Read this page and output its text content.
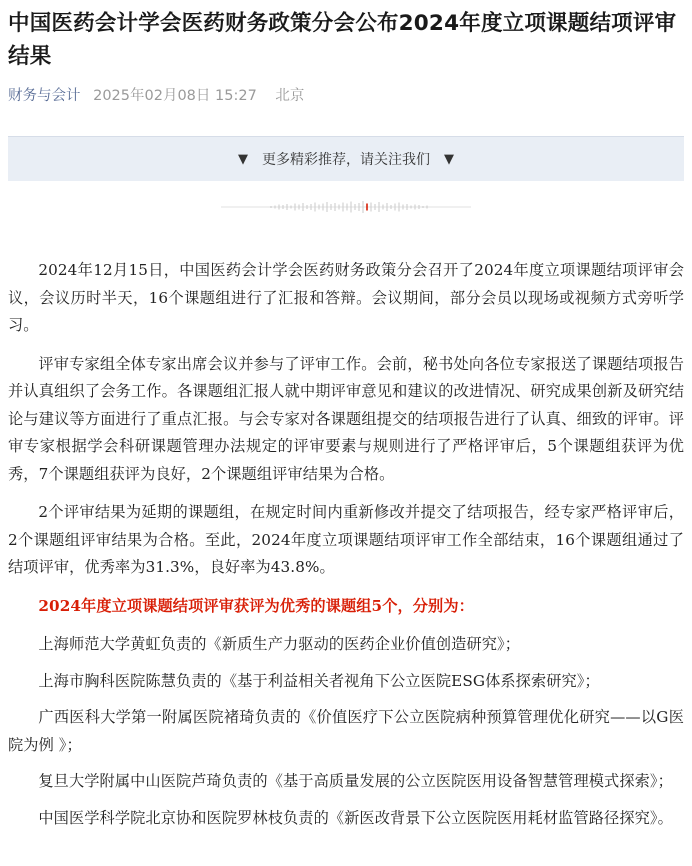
中国医药会计学会医药财务政策分会公布2024年度立项课题结项评审结果
财务与会计 2025年02月08日 15:27 北京
▼ 更多精彩推荐，请关注我们 ▼

2024年12月15日，中国医药会计学会医药财务政策分会召开了2024年度立项课题结项评审会议，会议历时半天，16个课题组进行了汇报和答辩。会议期间，部分会员以现场或视频方式旁听学习。

评审专家组全体专家出席会议并参与了评审工作。会前，秘书处向各位专家报送了课题结项报告并认真组织了会务工作。各课题组汇报人就中期评审意见和建议的改进情况、研究成果创新及研究结论与建议等方面进行了重点汇报。与会专家对各课题组提交的结项报告进行了认真、细致的评审。评审专家根据学会科研课题管理办法规定的评审要素与规则进行了严格评审后，5个课题组获评为优秀，7个课题组获评为良好，2个课题组评审结果为合格。

2个评审结果为延期的课题组，在规定时间内重新修改并提交了结项报告，经专家严格评审后，2个课题组评审结果为合格。至此，2024年度立项课题结项评审工作全部结束，16个课题组通过了结项评审，优秀率为31.3%，良好率为43.8%。

2024年度立项课题结项评审获评为优秀的课题组5个，分别为：

上海师范大学黄虹负责的《新质生产力驱动的医药企业价值创造研究》；

上海市胸科医院陈慧负责的《基于利益相关者视角下公立医院ESG体系探索研究》；

广西医科大学第一附属医院褚琦负责的《价值医疗下公立医院病种预算管理优化研究——以G医院为例 》；

复旦大学附属中山医院芦琦负责的《基于高质量发展的公立医院医用设备智慧管理模式探索》；

中国医学科学院北京协和医院罗林枝负责的《新医改背景下公立医院医用耗材监管路径探究》。
